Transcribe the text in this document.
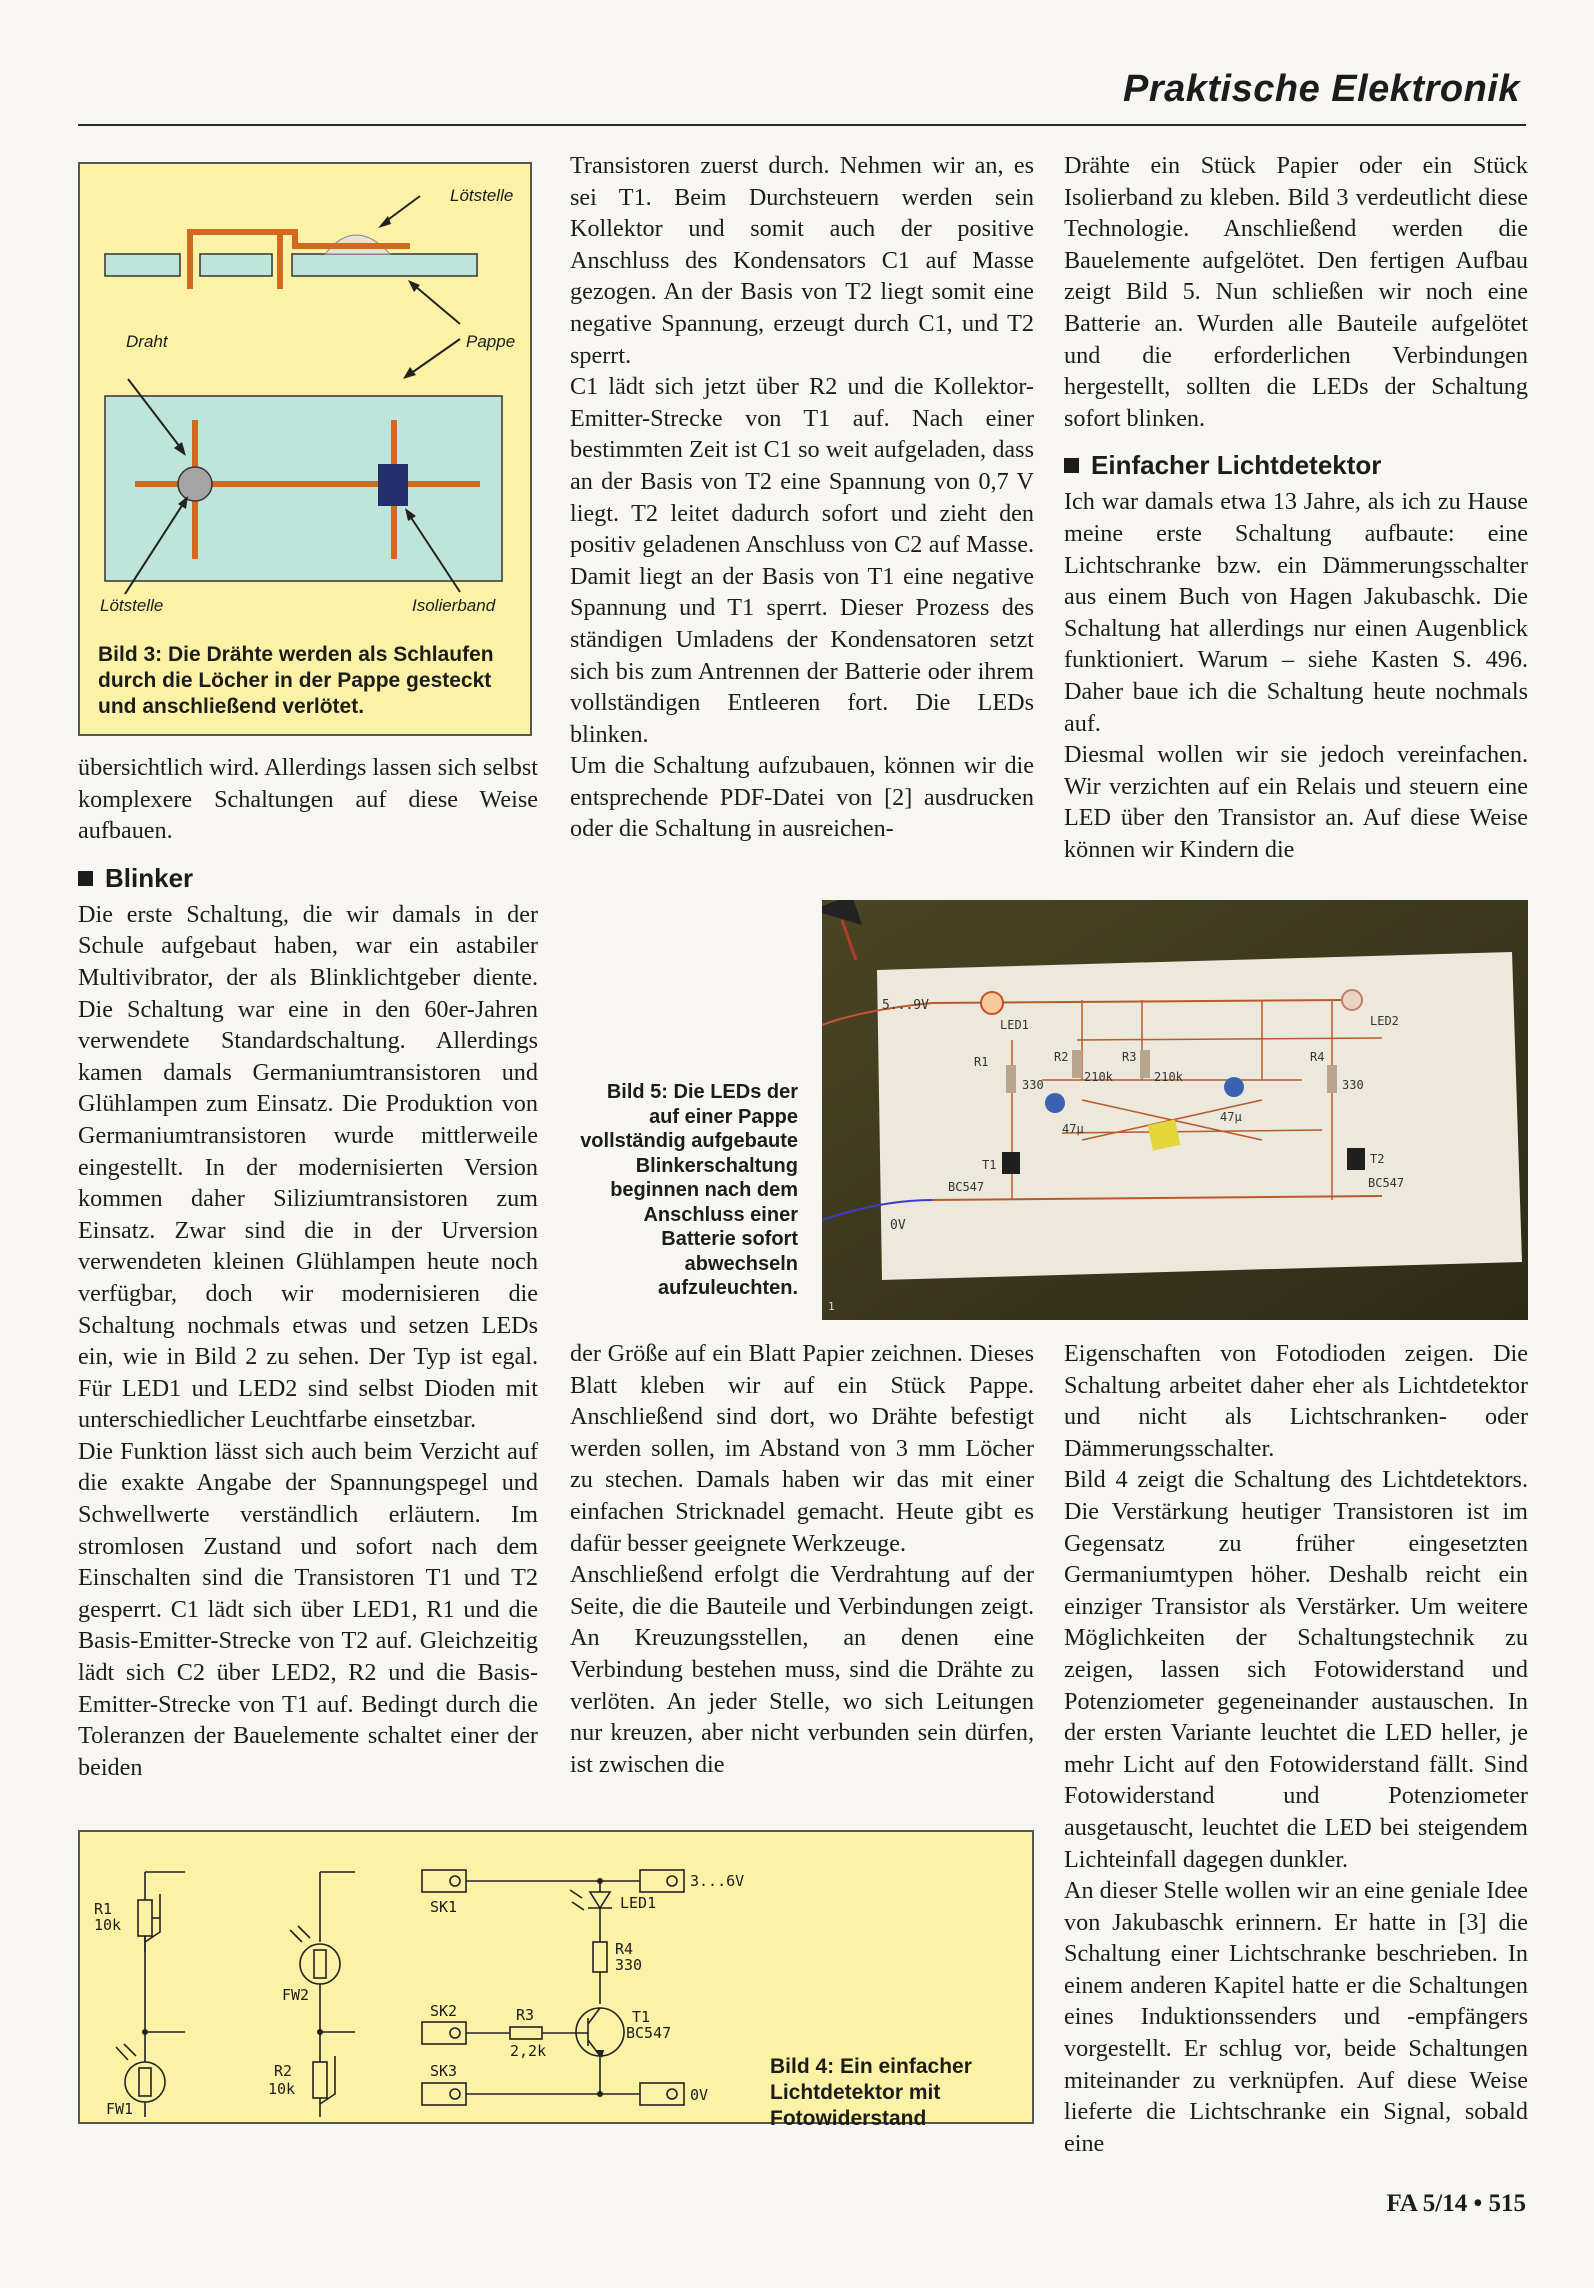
Praktische Elektronik
Lötstelle
Draht	Pappe
Lötstelle	Isolierband
Bild 3: Die Drähte werden als Schlaufen durch die Löcher in der Pappe gesteckt und anschließend verlötet.

übersichtlich wird. Allerdings lassen sich selbst komplexere Schaltungen auf diese Weise aufbauen.

Blinker

Die erste Schaltung, die wir damals in der Schule aufgebaut haben, war ein astabiler Multivibrator, der als Blinklichtgeber diente. Die Schaltung war eine in den 60er-Jahren verwendete Standardschaltung. Allerdings kamen damals Germaniumtransistoren und Glühlampen zum Einsatz. Die Produktion von Germaniumtransistoren wurde mittlerweile eingestellt. In der modernisierten Version kommen daher Siliziumtransistoren zum Einsatz. Zwar sind die in der Urversion verwendeten kleinen Glühlampen heute noch verfügbar, doch wir modernisieren die Schaltung nochmals etwas und setzen LEDs ein, wie in Bild 2 zu sehen. Der Typ ist egal. Für LED1 und LED2 sind selbst Dioden mit unterschiedlicher Leuchtfarbe einsetzbar.

Die Funktion lässt sich auch beim Verzicht auf die exakte Angabe der Spannungspegel und Schwellwerte verständlich erläutern. Im stromlosen Zustand und sofort nach dem Einschalten sind die Transistoren T1 und T2 gesperrt. C1 lädt sich über LED1, R1 und die Basis-Emitter-Strecke von T2 auf. Gleichzeitig lädt sich C2 über LED2, R2 und die Basis-Emitter-Strecke von T1 auf. Bedingt durch die Toleranzen der Bauelemente schaltet einer der beiden

Transistoren zuerst durch. Nehmen wir an, es sei T1. Beim Durchsteuern werden sein Kollektor und somit auch der positive Anschluss des Kondensators C1 auf Masse gezogen. An der Basis von T2 liegt somit eine negative Spannung, erzeugt durch C1, und T2 sperrt.

C1 lädt sich jetzt über R2 und die Kollektor-Emitter-Strecke von T1 auf. Nach einer bestimmten Zeit ist C1 so weit aufgeladen, dass an der Basis von T2 eine Spannung von 0,7 V liegt. T2 leitet dadurch sofort und zieht den positiv geladenen Anschluss von C2 auf Masse. Damit liegt an der Basis von T1 eine negative Spannung und T1 sperrt. Dieser Prozess des ständigen Umladens der Kondensatoren setzt sich bis zum Antrennen der Batterie oder ihrem vollständigen Entleeren fort. Die LEDs blinken.

Um die Schaltung aufzubauen, können wir die entsprechende PDF-Datei von [2] ausdrucken oder die Schaltung in ausreichen-

Drähte ein Stück Papier oder ein Stück Isolierband zu kleben. Bild 3 verdeutlicht diese Technologie. Anschließend werden die Bauelemente aufgelötet. Den fertigen Aufbau zeigt Bild 5. Nun schließen wir noch eine Batterie an. Wurden alle Bauteile aufgelötet und die erforderlichen Verbindungen hergestellt, sollten die LEDs der Schaltung sofort blinken.

Einfacher Lichtdetektor

Ich war damals etwa 13 Jahre, als ich zu Hause meine erste Schaltung aufbaute: eine Lichtschranke bzw. ein Dämmerungsschalter aus einem Buch von Hagen Jakubaschk. Die Schaltung hat allerdings nur einen Augenblick funktioniert. Warum – siehe Kasten S. 496. Daher baue ich die Schaltung heute nochmals auf.

Diesmal wollen wir sie jedoch vereinfachen. Wir verzichten auf ein Relais und steuern eine LED über den Transistor an. Auf diese Weise können wir Kindern die

Bild 5: Die LEDs der auf einer Pappe vollständig aufgebaute Blinkerschaltung beginnen nach dem Anschluss einer Batterie sofort abwechseln aufzuleuchten.
5...9V
0V
LED1	LED2
R1
330
R2
210k
R3
210k
R4
330
47µ
47µ
T1
BC547
T2
BC547
1

der Größe auf ein Blatt Papier zeichnen. Dieses Blatt kleben wir auf ein Stück Pappe. Anschließend sind dort, wo Drähte befestigt werden sollen, im Abstand von 3 mm Löcher zu stechen. Damals haben wir das mit einer einfachen Stricknadel gemacht. Heute gibt es dafür besser geeignete Werkzeuge.

Anschließend erfolgt die Verdrahtung auf der Seite, die die Bauteile und Verbindungen zeigt. An Kreuzungsstellen, an denen eine Verbindung bestehen muss, sind die Drähte zu verlöten. An jeder Stelle, wo sich Leitungen nur kreuzen, aber nicht verbunden sein dürfen, ist zwischen die

Eigenschaften von Fotodioden zeigen. Die Schaltung arbeitet daher eher als Lichtdetektor und nicht als Lichtschranken- oder Dämmerungsschalter.

Bild 4 zeigt die Schaltung des Lichtdetektors. Die Verstärkung heutiger Transistoren ist im Gegensatz zu früher eingesetzten Germaniumtypen höher. Deshalb reicht ein einziger Transistor als Verstärker. Um weitere Möglichkeiten der Schaltungstechnik zu zeigen, lassen sich Fotowiderstand und Potenziometer gegeneinander austauschen. In der ersten Variante leuchtet die LED heller, je mehr Licht auf den Fotowiderstand fällt. Sind Fotowiderstand und Potenziometer ausgetauscht, leuchtet die LED bei steigendem Lichteinfall dagegen dunkler.

An dieser Stelle wollen wir an eine geniale Idee von Jakubaschk erinnern. Er hatte in [3] die Schaltung einer Lichtschranke beschrieben. In einem anderen Kapitel hatte er die Schaltungen eines Induktionssenders und -empfängers vorgestellt. Er schlug vor, beide Schaltungen miteinander zu verknüpfen. Auf diese Weise lieferte die Lichtschranke ein Signal, sobald eine

R1
10k
FW2
FW1
R2
10k
SK1
SK2
SK3
3...6V
0V
LED1
R4
330
R3
2,2k
T1
BC547
Bild 4: Ein einfacher Lichtdetektor mit Fotowiderstand
FA 5/14 • 515
